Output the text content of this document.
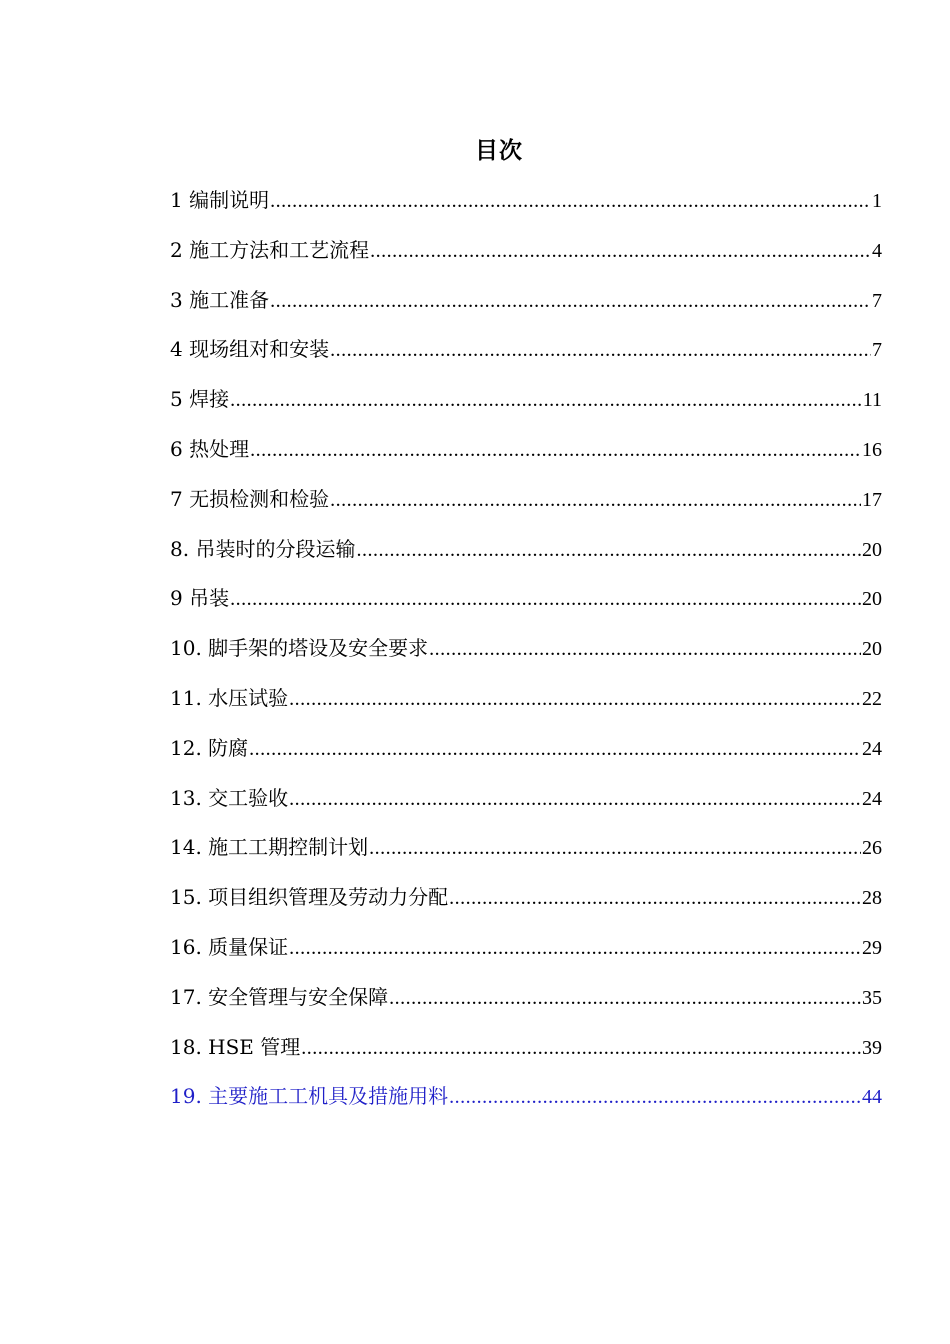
目次
1 编制说明 .....	1
2 施工方法和工艺流程 .....	4
3 施工准备 .....	7
4 现场组对和安装 .....	7
5 焊接 .....	11
6 热处理 .....	16
7 无损检测和检验 .....	17
8. 吊装时的分段运输 .....	20
9 吊装 .....	20
10. 脚手架的塔设及安全要求 .....	20
11. 水压试验 .....	22
12. 防腐 .....	24
13. 交工验收 .....	24
14. 施工工期控制计划 .....	26
15. 项目组织管理及劳动力分配 .....	28
16. 质量保证 .....	29
17. 安全管理与安全保障 .....	35
18. HSE 管理 .....	39
19. 主要施工工机具及措施用料 .....	44
